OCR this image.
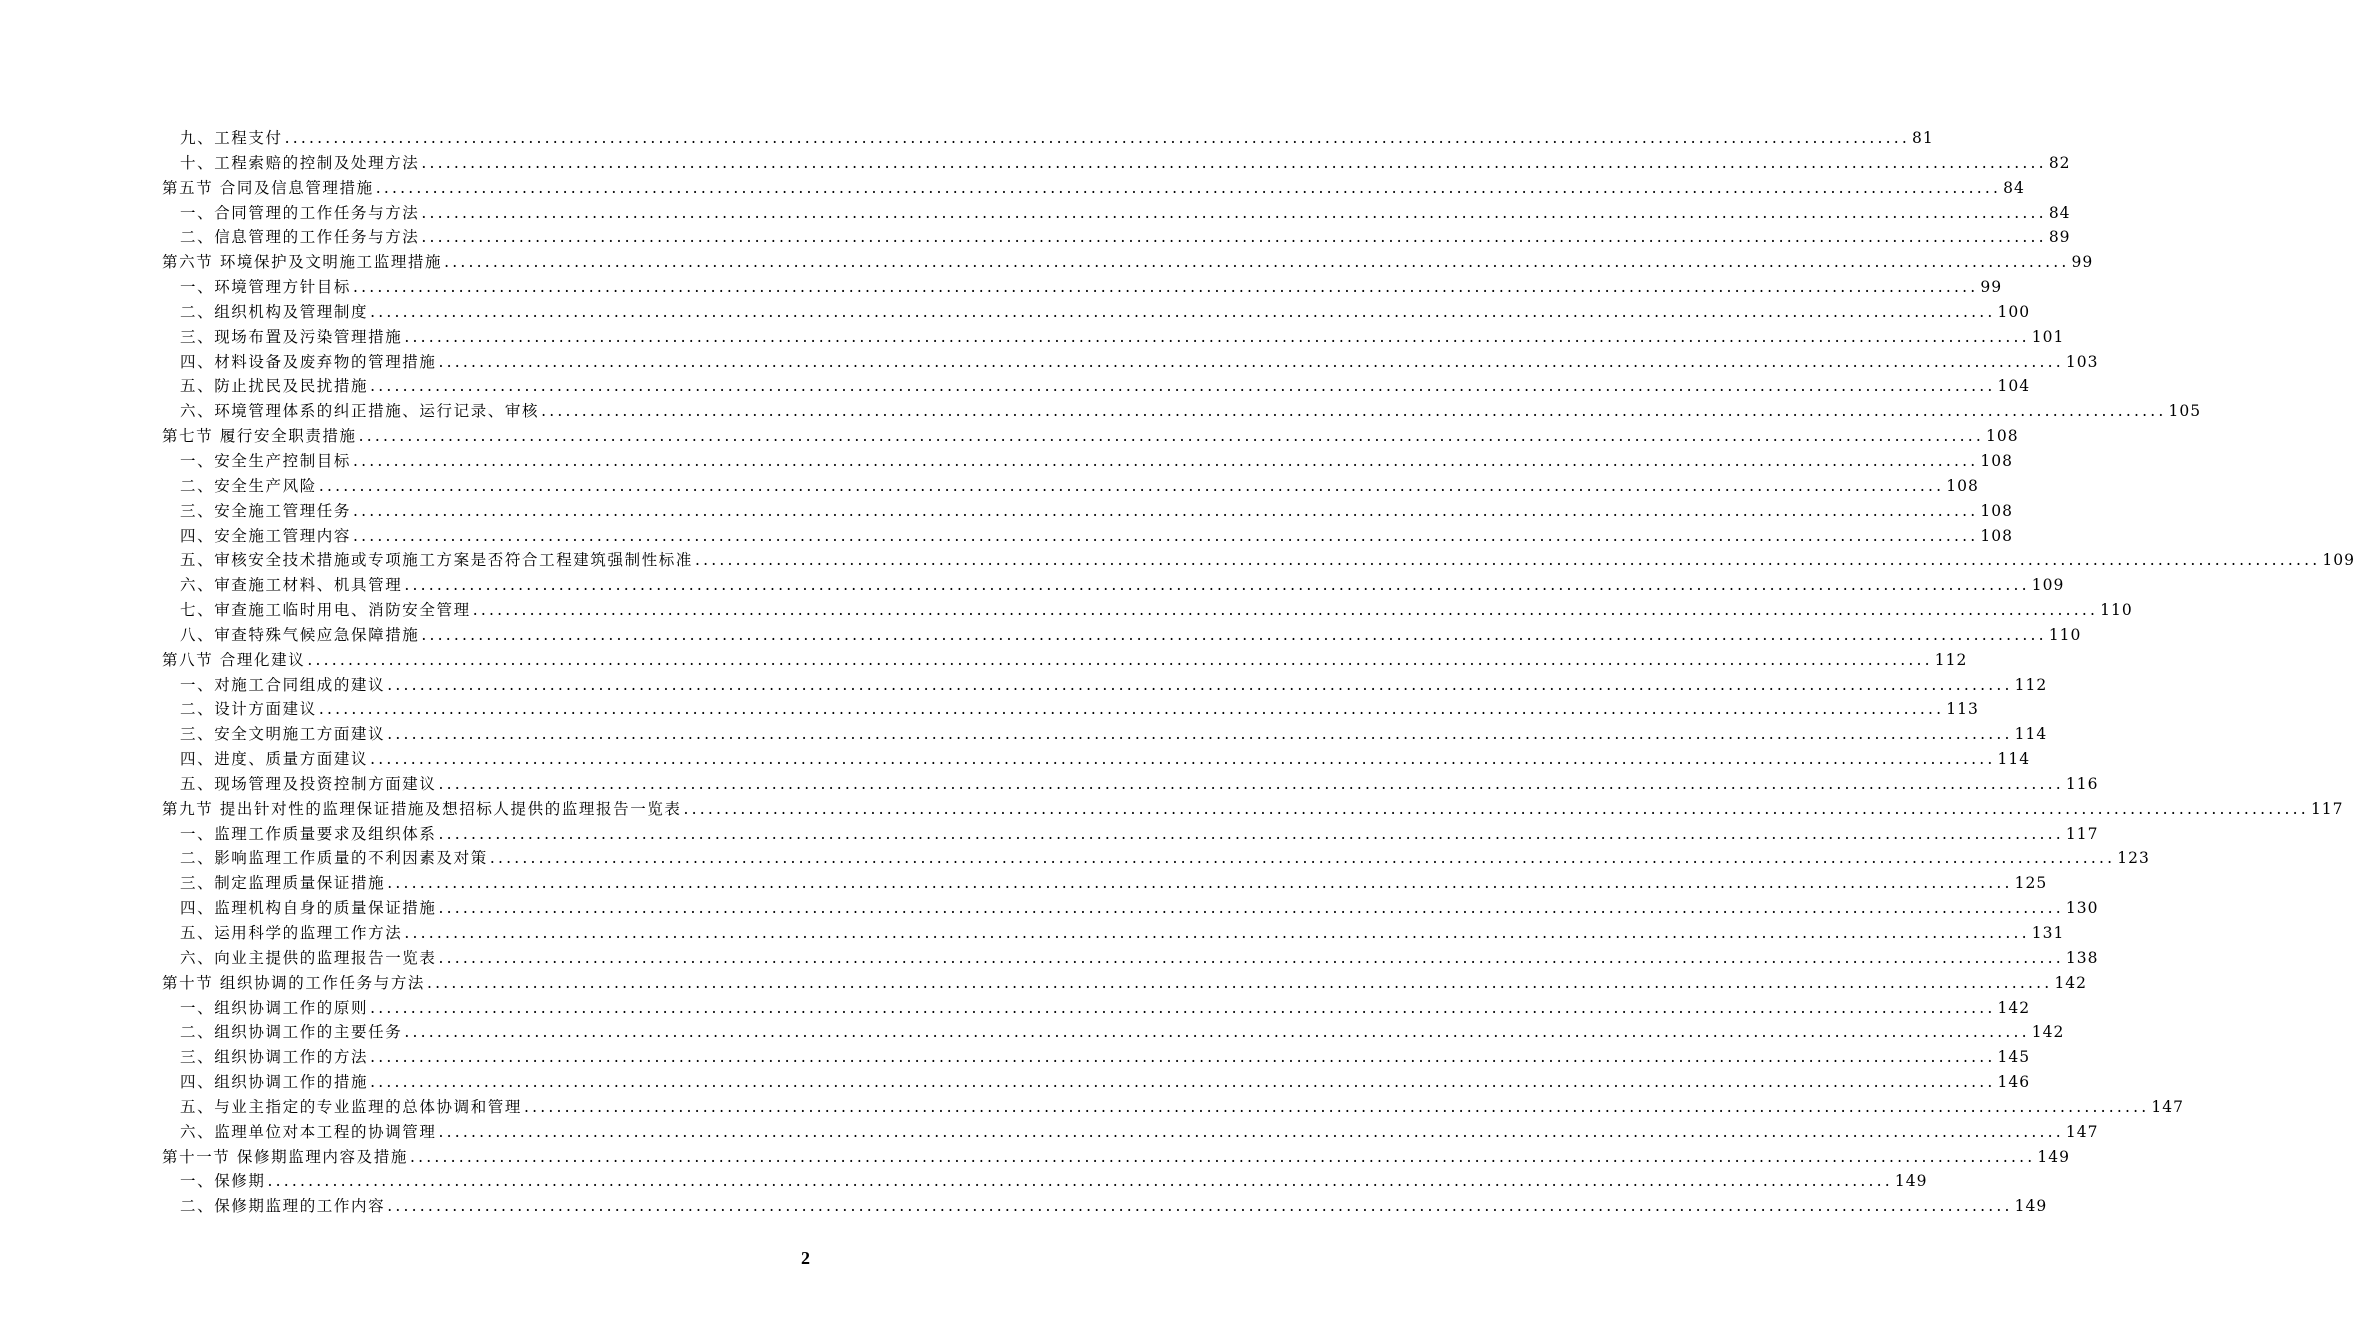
九、工程支付 ........................................................................................................................................................................................................ 81
十、工程索赔的控制及处理方法 ........................................................................................................................................................................................................ 82
第五节 合同及信息管理措施 ........................................................................................................................................................................................................ 84
一、合同管理的工作任务与方法 ........................................................................................................................................................................................................ 84
二、信息管理的工作任务与方法 ........................................................................................................................................................................................................ 89
第六节 环境保护及文明施工监理措施 ........................................................................................................................................................................................................ 99
一、环境管理方针目标 ........................................................................................................................................................................................................ 99
二、组织机构及管理制度 ........................................................................................................................................................................................................ 100
三、现场布置及污染管理措施 ........................................................................................................................................................................................................ 101
四、材料设备及废弃物的管理措施 ........................................................................................................................................................................................................ 103
五、防止扰民及民扰措施 ........................................................................................................................................................................................................ 104
六、环境管理体系的纠正措施、运行记录、审核 ........................................................................................................................................................................................................ 105
第七节 履行安全职责措施 ........................................................................................................................................................................................................ 108
一、安全生产控制目标 ........................................................................................................................................................................................................ 108
二、安全生产风险 ........................................................................................................................................................................................................ 108
三、安全施工管理任务 ........................................................................................................................................................................................................ 108
四、安全施工管理内容 ........................................................................................................................................................................................................ 108
五、审核安全技术措施或专项施工方案是否符合工程建筑强制性标准 ........................................................................................................................................................................................................ 109
六、审查施工材料、机具管理 ........................................................................................................................................................................................................ 109
七、审查施工临时用电、消防安全管理 ........................................................................................................................................................................................................ 110
八、审查特殊气候应急保障措施 ........................................................................................................................................................................................................ 110
第八节 合理化建议 ........................................................................................................................................................................................................ 112
一、对施工合同组成的建议 ........................................................................................................................................................................................................ 112
二、设计方面建议 ........................................................................................................................................................................................................ 113
三、安全文明施工方面建议 ........................................................................................................................................................................................................ 114
四、进度、质量方面建议 ........................................................................................................................................................................................................ 114
五、现场管理及投资控制方面建议 ........................................................................................................................................................................................................ 116
第九节 提出针对性的监理保证措施及想招标人提供的监理报告一览表 ........................................................................................................................................................................................................ 117
一、监理工作质量要求及组织体系 ........................................................................................................................................................................................................ 117
二、影响监理工作质量的不利因素及对策 ........................................................................................................................................................................................................ 123
三、制定监理质量保证措施 ........................................................................................................................................................................................................ 125
四、监理机构自身的质量保证措施 ........................................................................................................................................................................................................ 130
五、运用科学的监理工作方法 ........................................................................................................................................................................................................ 131
六、向业主提供的监理报告一览表 ........................................................................................................................................................................................................ 138
第十节 组织协调的工作任务与方法 ........................................................................................................................................................................................................ 142
一、组织协调工作的原则 ........................................................................................................................................................................................................ 142
二、组织协调工作的主要任务 ........................................................................................................................................................................................................ 142
三、组织协调工作的方法 ........................................................................................................................................................................................................ 145
四、组织协调工作的措施 ........................................................................................................................................................................................................ 146
五、与业主指定的专业监理的总体协调和管理 ........................................................................................................................................................................................................ 147
六、监理单位对本工程的协调管理 ........................................................................................................................................................................................................ 147
第十一节 保修期监理内容及措施 ........................................................................................................................................................................................................ 149
一、保修期 ........................................................................................................................................................................................................ 149
二、保修期监理的工作内容 ........................................................................................................................................................................................................ 149
2
